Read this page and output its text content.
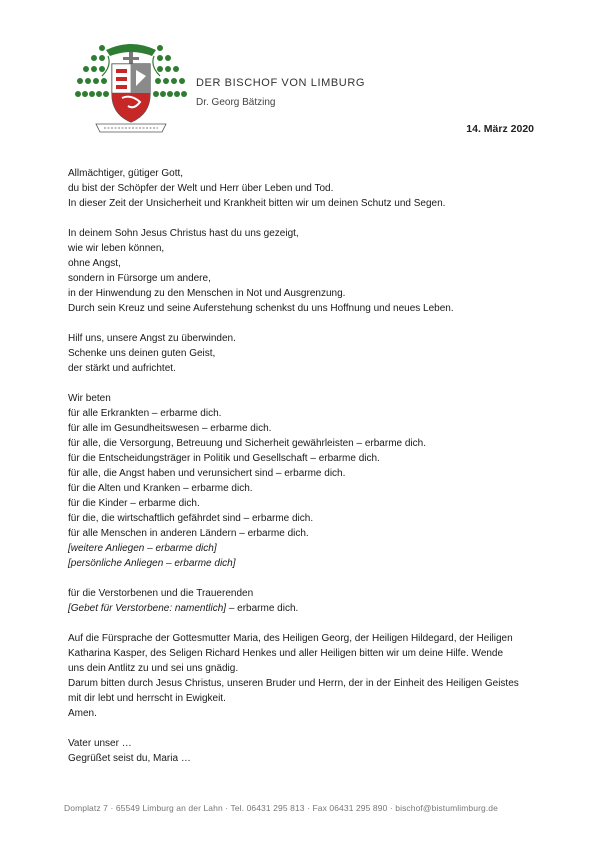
DER BISCHOF VON LIMBURG
Dr. Georg Bätzing
14. März 2020
Allmächtiger, gütiger Gott,
du bist der Schöpfer der Welt und Herr über Leben und Tod.
In dieser Zeit der Unsicherheit und Krankheit bitten wir um deinen Schutz und Segen.
In deinem Sohn Jesus Christus hast du uns gezeigt,
wie wir leben können,
ohne Angst,
sondern in Fürsorge um andere,
in der Hinwendung zu den Menschen in Not und Ausgrenzung.
Durch sein Kreuz und seine Auferstehung schenkst du uns Hoffnung und neues Leben.
Hilf uns, unsere Angst zu überwinden.
Schenke uns deinen guten Geist,
der stärkt und aufrichtet.
Wir beten
für alle Erkrankten – erbarme dich.
für alle im Gesundheitswesen – erbarme dich.
für alle, die Versorgung, Betreuung und Sicherheit gewährleisten – erbarme dich.
für die Entscheidungsträger in Politik und Gesellschaft – erbarme dich.
für alle, die Angst haben und verunsichert sind – erbarme dich.
für die Alten und Kranken – erbarme dich.
für die Kinder – erbarme dich.
für die, die wirtschaftlich gefährdet sind – erbarme dich.
für alle Menschen in anderen Ländern – erbarme dich.
[weitere Anliegen – erbarme dich]
[persönliche Anliegen – erbarme dich]
für die Verstorbenen und die Trauerenden
[Gebet für Verstorbene: namentlich] – erbarme dich.
Auf die Fürsprache der Gottesmutter Maria, des Heiligen Georg, der Heiligen Hildegard, der Heiligen
Katharina Kasper, des Seligen Richard Henkes und aller Heiligen bitten wir um deine Hilfe. Wende
uns dein Antlitz zu und sei uns gnädig.
Darum bitten durch Jesus Christus, unseren Bruder und Herrn, der in der Einheit des Heiligen Geistes
mit dir lebt und herrscht in Ewigkeit.
Amen.
Vater unser …
Gegrüßet seist du, Maria …
Domplatz 7 · 65549 Limburg an der Lahn · Tel. 06431 295 813 · Fax 06431 295 890 · bischof@bistumlimburg.de
